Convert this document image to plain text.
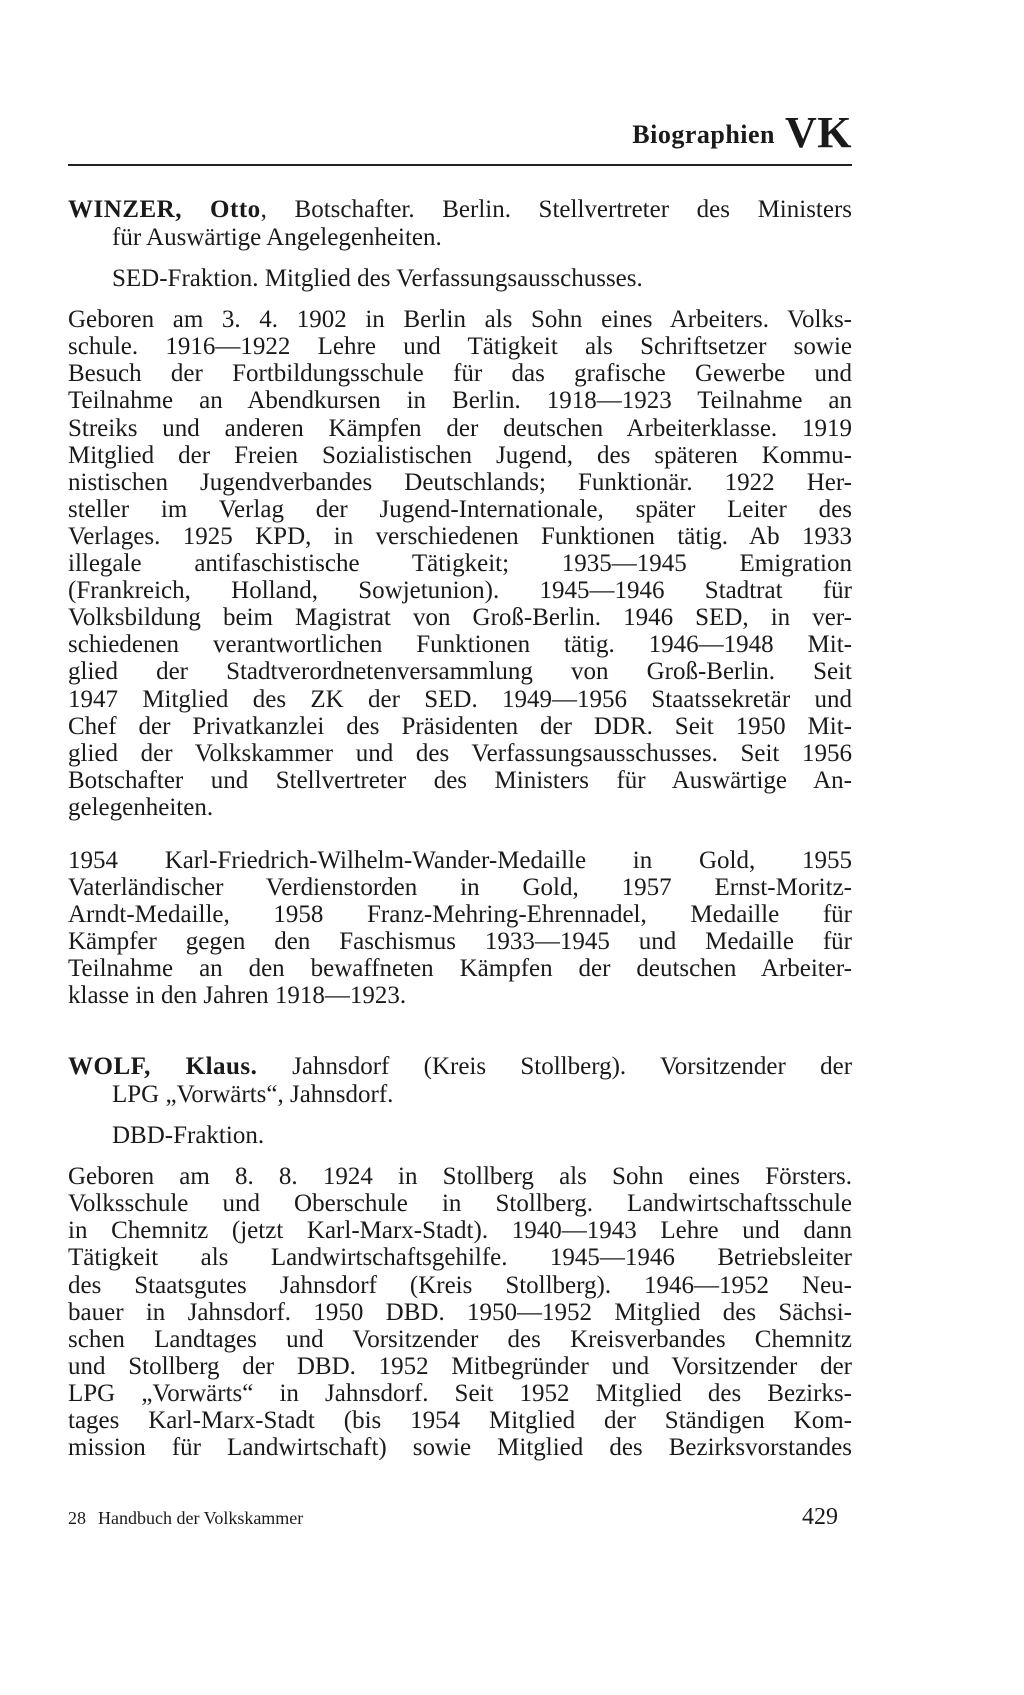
Biographien VK
WINZER, Otto, Botschafter. Berlin. Stellvertreter des Ministers
für Auswärtige Angelegenheiten.
SED-Fraktion. Mitglied des Verfassungsausschusses.
Geboren am 3. 4. 1902 in Berlin als Sohn eines Arbeiters. Volks-
schule. 1916—1922 Lehre und Tätigkeit als Schriftsetzer sowie
Besuch der Fortbildungsschule für das grafische Gewerbe und
Teilnahme an Abendkursen in Berlin. 1918—1923 Teilnahme an
Streiks und anderen Kämpfen der deutschen Arbeiterklasse. 1919
Mitglied der Freien Sozialistischen Jugend, des späteren Kommu-
nistischen Jugendverbandes Deutschlands; Funktionär. 1922 Her-
steller im Verlag der Jugend-Internationale, später Leiter des
Verlages. 1925 KPD, in verschiedenen Funktionen tätig. Ab 1933
illegale antifaschistische Tätigkeit; 1935—1945 Emigration
(Frankreich, Holland, Sowjetunion). 1945—1946 Stadtrat für
Volksbildung beim Magistrat von Groß-Berlin. 1946 SED, in ver-
schiedenen verantwortlichen Funktionen tätig. 1946—1948 Mit-
glied der Stadtverordnetenversammlung von Groß-Berlin. Seit
1947 Mitglied des ZK der SED. 1949—1956 Staatssekretär und
Chef der Privatkanzlei des Präsidenten der DDR. Seit 1950 Mit-
glied der Volkskammer und des Verfassungsausschusses. Seit 1956
Botschafter und Stellvertreter des Ministers für Auswärtige An-
gelegenheiten.
1954 Karl-Friedrich-Wilhelm-Wander-Medaille in Gold, 1955
Vaterländischer Verdienstorden in Gold, 1957 Ernst-Moritz-
Arndt-Medaille, 1958 Franz-Mehring-Ehrennadel, Medaille für
Kämpfer gegen den Faschismus 1933—1945 und Medaille für
Teilnahme an den bewaffneten Kämpfen der deutschen Arbeiter-
klasse in den Jahren 1918—1923.
WOLF, Klaus. Jahnsdorf (Kreis Stollberg). Vorsitzender der
LPG „Vorwärts“, Jahnsdorf.
DBD-Fraktion.
Geboren am 8. 8. 1924 in Stollberg als Sohn eines Försters.
Volksschule und Oberschule in Stollberg. Landwirtschaftsschule
in Chemnitz (jetzt Karl-Marx-Stadt). 1940—1943 Lehre und dann
Tätigkeit als Landwirtschaftsgehilfe. 1945—1946 Betriebsleiter
des Staatsgutes Jahnsdorf (Kreis Stollberg). 1946—1952 Neu-
bauer in Jahnsdorf. 1950 DBD. 1950—1952 Mitglied des Sächsi-
schen Landtages und Vorsitzender des Kreisverbandes Chemnitz
und Stollberg der DBD. 1952 Mitbegründer und Vorsitzender der
LPG „Vorwärts“ in Jahnsdorf. Seit 1952 Mitglied des Bezirks-
tages Karl-Marx-Stadt (bis 1954 Mitglied der Ständigen Kom-
mission für Landwirtschaft) sowie Mitglied des Bezirksvorstandes
28 Handbuch der Volkskammer	429
